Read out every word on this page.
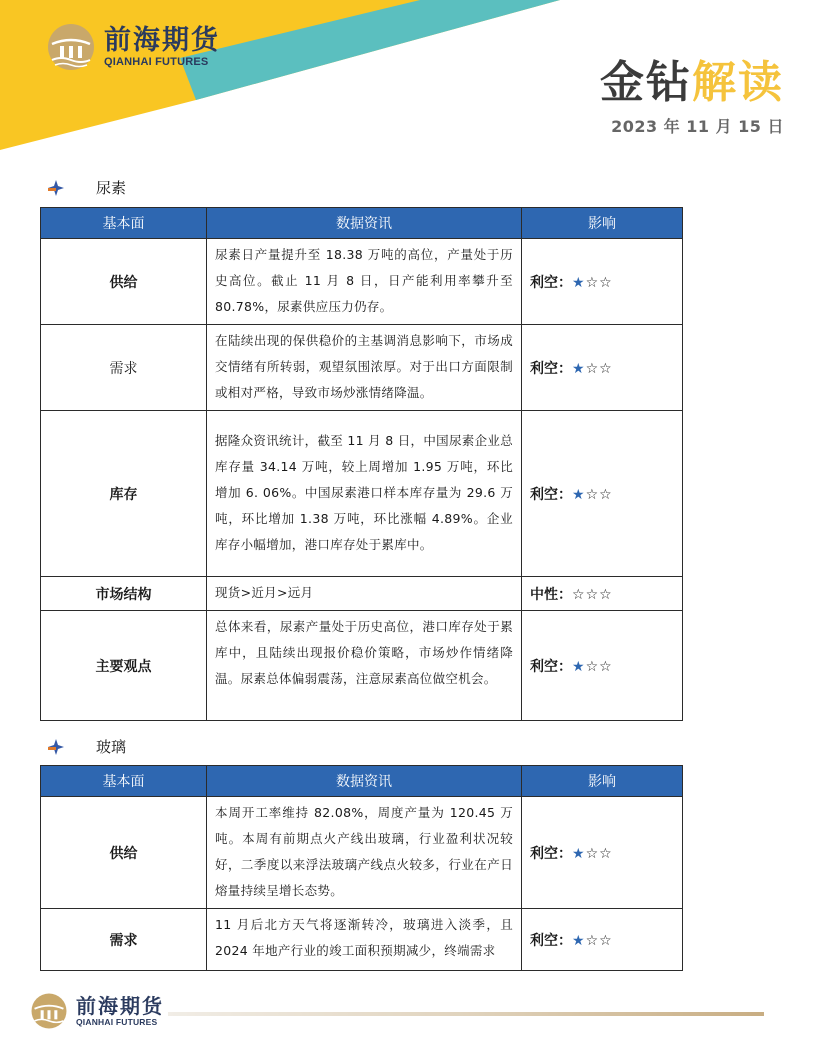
前海期货
QIANHAI FUTURES	金钻解读
2023 年 11 月 15 日
尿素
基本面	数据资讯	影响
供给	尿素日产量提升至 18.38 万吨的高位，产量处于历史高位。截止 11 月 8 日，日产能利用率攀升至 80.78%，尿素供应压力仍存。	利空：★☆☆
需求	在陆续出现的保供稳价的主基调消息影响下，市场成交情绪有所转弱，观望氛围浓厚。对于出口方面限制或相对严格，导致市场炒涨情绪降温。	利空：★☆☆
库存	据隆众资讯统计，截至 11 月 8 日，中国尿素企业总库存量 34.14 万吨，较上周增加 1.95 万吨，环比增加 6. 06%。中国尿素港口样本库存量为 29.6 万吨，环比增加 1.38 万吨，环比涨幅 4.89%。企业库存小幅增加，港口库存处于累库中。	利空：★☆☆
市场结构	现货>近月>远月	中性：☆☆☆
主要观点	总体来看，尿素产量处于历史高位，港口库存处于累库中，且陆续出现报价稳价策略，市场炒作情绪降温。尿素总体偏弱震荡，注意尿素高位做空机会。	利空：★☆☆
玻璃
基本面	数据资讯	影响
供给	本周开工率维持 82.08%，周度产量为 120.45 万吨。本周有前期点火产线出玻璃，行业盈利状况较好，二季度以来浮法玻璃产线点火较多，行业在产日熔量持续呈增长态势。	利空：★☆☆
需求	11 月后北方天气将逐渐转冷，玻璃进入淡季，且 2024 年地产行业的竣工面积预期减少，终端需求	利空：★☆☆
前海期货
QIANHAI FUTURES
